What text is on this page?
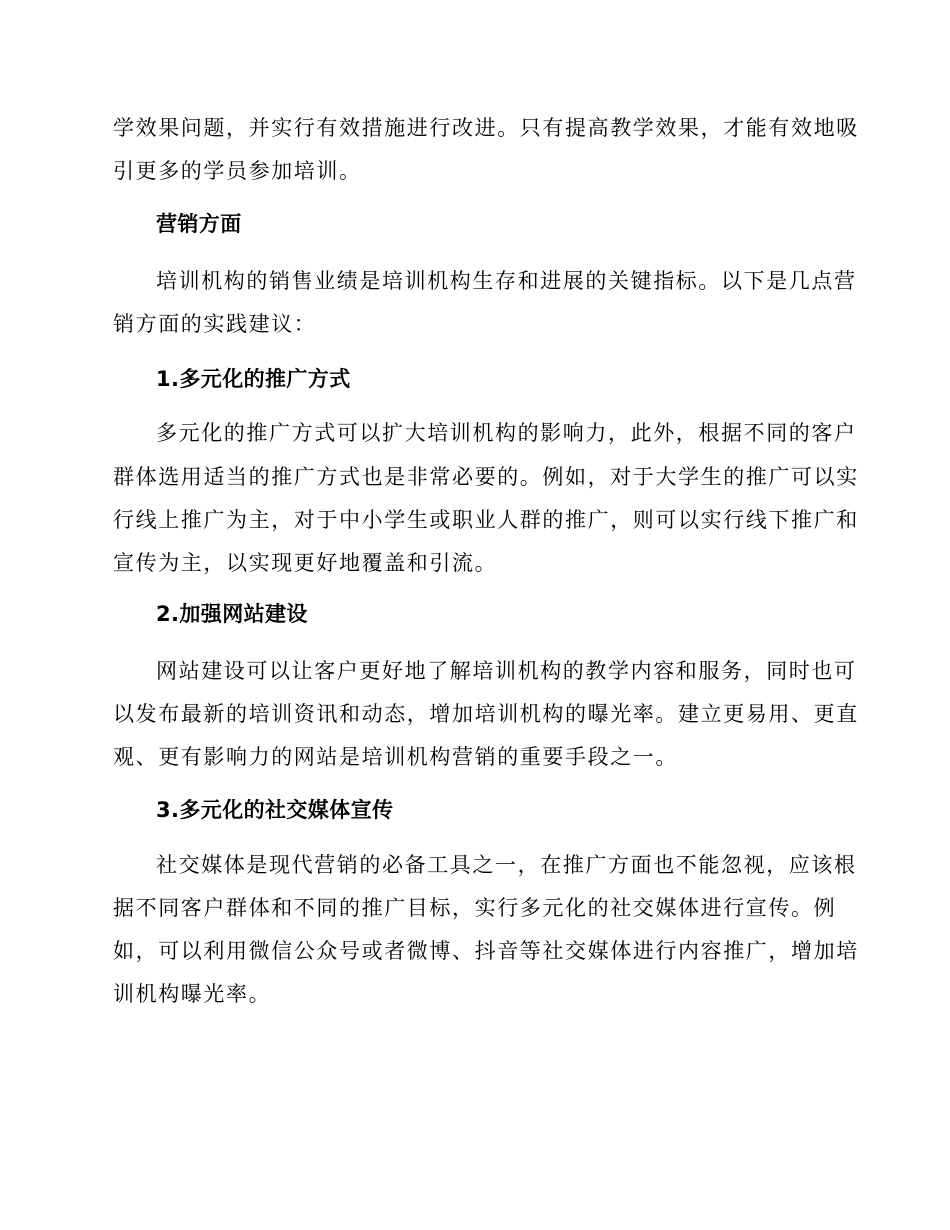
学效果问题，并实行有效措施进行改进。只有提高教学效果，才能有效地吸
引更多的学员参加培训。
营销方面
培训机构的销售业绩是培训机构生存和进展的关键指标。以下是几点营
销方面的实践建议：
1.多元化的推广方式
多元化的推广方式可以扩大培训机构的影响力，此外，根据不同的客户
群体选用适当的推广方式也是非常必要的。例如，对于大学生的推广可以实
行线上推广为主，对于中小学生或职业人群的推广，则可以实行线下推广和
宣传为主，以实现更好地覆盖和引流。
2.加强网站建设
网站建设可以让客户更好地了解培训机构的教学内容和服务，同时也可
以发布最新的培训资讯和动态，增加培训机构的曝光率。建立更易用、更直
观、更有影响力的网站是培训机构营销的重要手段之一。
3.多元化的社交媒体宣传
社交媒体是现代营销的必备工具之一，在推广方面也不能忽视，应该根
据不同客户群体和不同的推广目标，实行多元化的社交媒体进行宣传。例
如，可以利用微信公众号或者微博、抖音等社交媒体进行内容推广，增加培
训机构曝光率。
